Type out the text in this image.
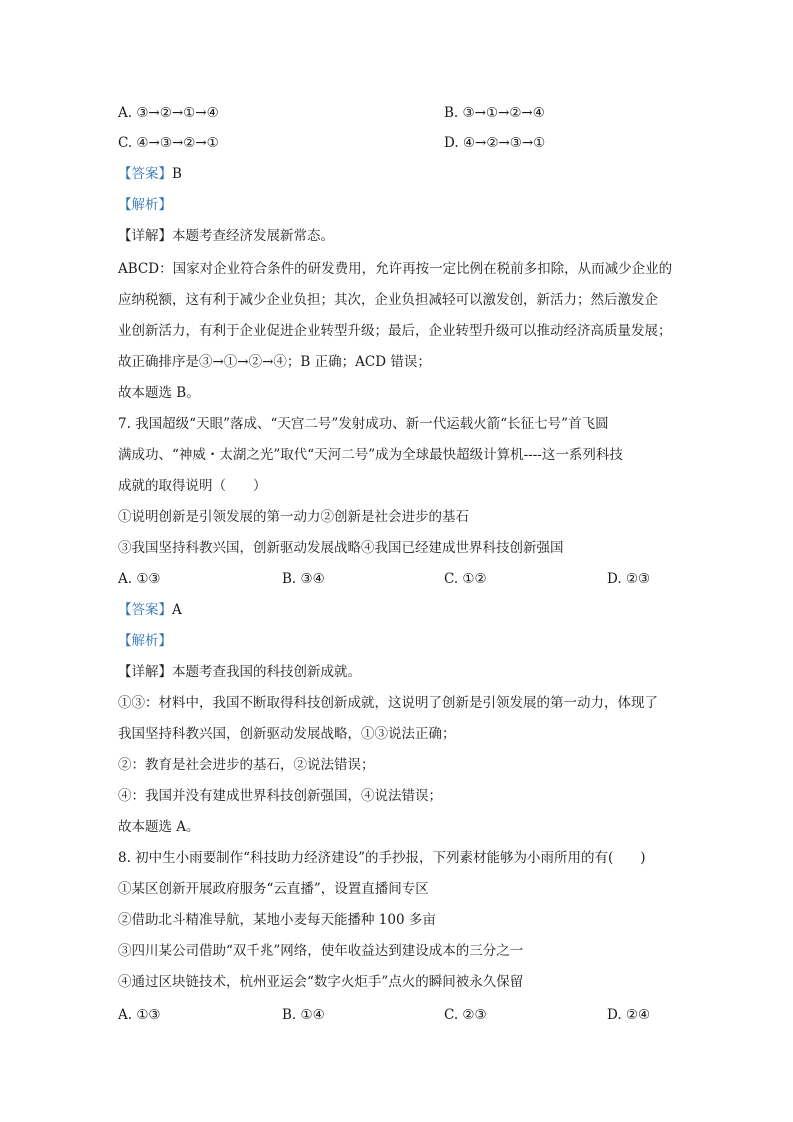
A. ③→②→①→④	B. ③→①→②→④
C. ④→③→②→①	D. ④→②→③→①
【答案】B
【解析】
【详解】本题考查经济发展新常态。
ABCD：国家对企业符合条件的研发费用，允许再按一定比例在税前多扣除，从而减少企业的
应纳税额，这有利于减少企业负担；其次，企业负担减轻可以激发创，新活力；然后激发企
业创新活力，有利于企业促进企业转型升级；最后，企业转型升级可以推动经济高质量发展；
故正确排序是③→①→②→④；B 正确；ACD 错误；
故本题选 B。
7. 我国超级“天眼”落成、“天宫二号”发射成功、新一代运载火箭“长征七号”首飞圆
满成功、“神威・太湖之光”取代“天河二号”成为全球最快超级计算机----这一系列科技
成就的取得说明（　　）
①说明创新是引领发展的第一动力②创新是社会进步的基石
③我国坚持科教兴国，创新驱动发展战略④我国已经建成世界科技创新强国
A. ①③	B. ③④	C. ①②	D. ②③
【答案】A
【解析】
【详解】本题考查我国的科技创新成就。
①③：材料中，我国不断取得科技创新成就，这说明了创新是引领发展的第一动力，体现了
我国坚持科教兴国，创新驱动发展战略，①③说法正确；
②：教育是社会进步的基石，②说法错误；
④：我国并没有建成世界科技创新强国，④说法错误；
故本题选 A。
8. 初中生小雨要制作“科技助力经济建设”的手抄报，下列素材能够为小雨所用的有(　　)
①某区创新开展政府服务“云直播”，设置直播间专区
②借助北斗精准导航，某地小麦每天能播种 100 多亩
③四川某公司借助“双千兆”网络，使年收益达到建设成本的三分之一
④通过区块链技术，杭州亚运会“数字火炬手”点火的瞬间被永久保留
A. ①③	B. ①④	C. ②③	D. ②④
